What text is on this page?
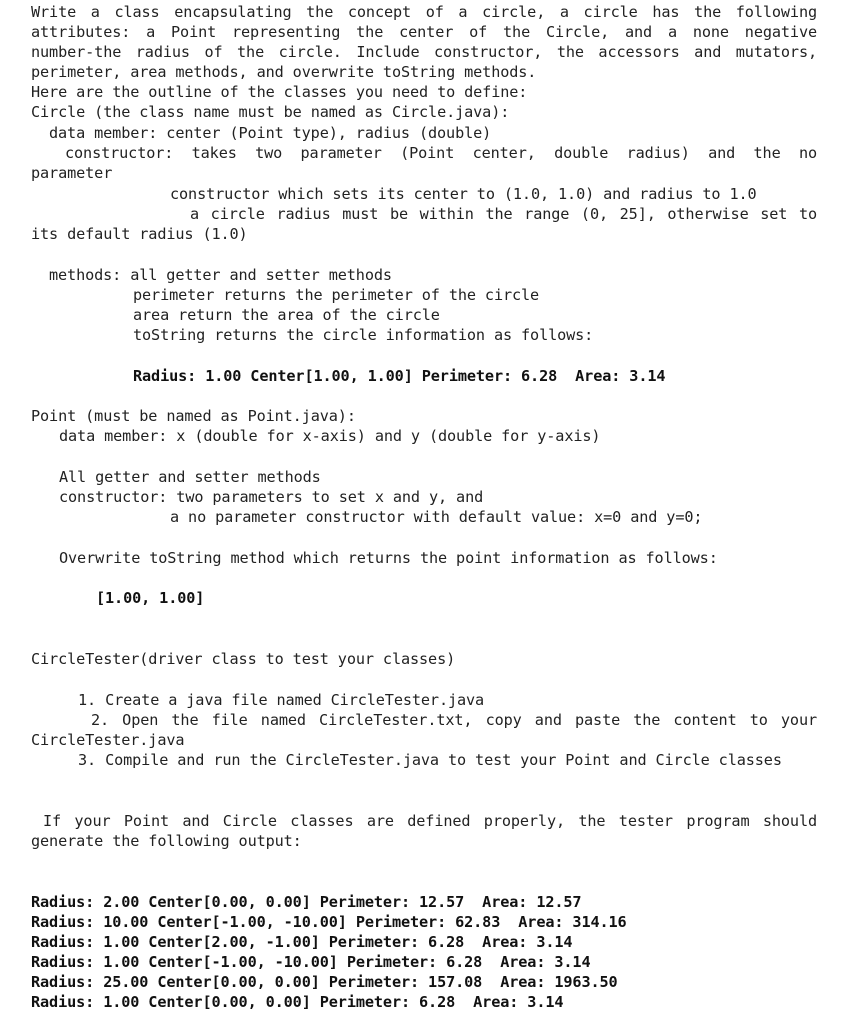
Write a class encapsulating the concept of a circle, a circle has the following
attributes: a Point representing the center of the Circle, and a none negative
number-the radius of the circle. Include constructor, the accessors and mutators,
perimeter, area methods, and overwrite toString methods.
Here are the outline of the classes you need to define:
Circle (the class name must be named as Circle.java):
data member: center (Point type), radius (double)
constructor: takes two parameter (Point center, double radius) and the no
parameter
constructor which sets its center to (1.0, 1.0) and radius to 1.0
a circle radius must be within the range (0, 25], otherwise set to
its default radius (1.0)
methods: all getter and setter methods
perimeter returns the perimeter of the circle
area return the area of the circle
toString returns the circle information as follows:
Radius: 1.00 Center[1.00, 1.00] Perimeter: 6.28  Area: 3.14
Point (must be named as Point.java):
data member: x (double for x-axis) and y (double for y-axis)
All getter and setter methods
constructor: two parameters to set x and y, and
a no parameter constructor with default value: x=0 and y=0;
Overwrite toString method which returns the point information as follows:
[1.00, 1.00]
CircleTester(driver class to test your classes)
1. Create a java file named CircleTester.java
2. Open the file named CircleTester.txt, copy and paste the content to your
CircleTester.java
3. Compile and run the CircleTester.java to test your Point and Circle classes
If your Point and Circle classes are defined properly, the tester program should
generate the following output:
Radius: 2.00 Center[0.00, 0.00] Perimeter: 12.57  Area: 12.57
Radius: 10.00 Center[-1.00, -10.00] Perimeter: 62.83  Area: 314.16
Radius: 1.00 Center[2.00, -1.00] Perimeter: 6.28  Area: 3.14
Radius: 1.00 Center[-1.00, -10.00] Perimeter: 6.28  Area: 3.14
Radius: 25.00 Center[0.00, 0.00] Perimeter: 157.08  Area: 1963.50
Radius: 1.00 Center[0.00, 0.00] Perimeter: 6.28  Area: 3.14
